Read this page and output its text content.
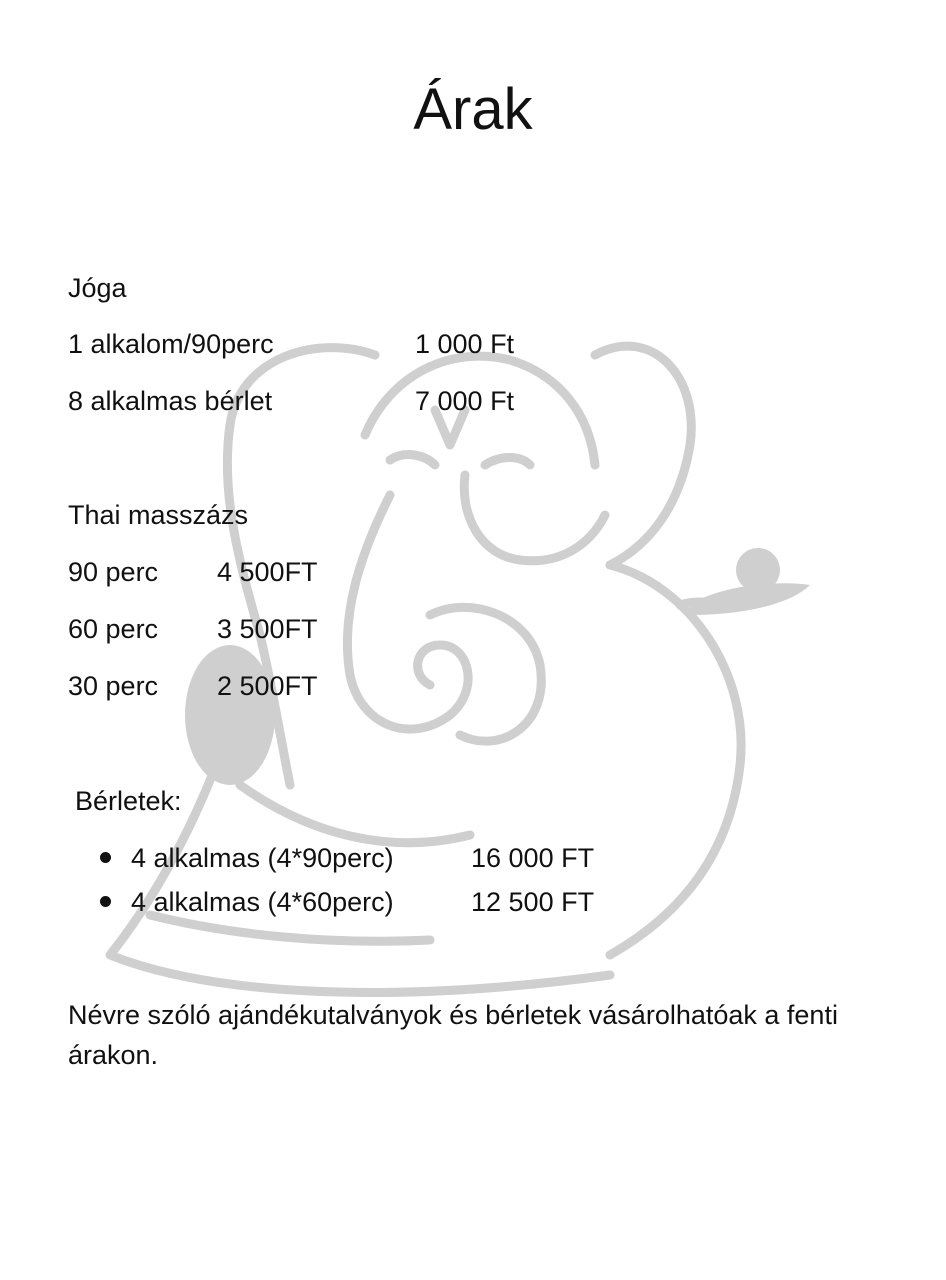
Árak
Jóga
1 alkalom/90perc	1 000 Ft
8 alkalmas bérlet	7 000 Ft
Thai masszázs
90 perc 4 500FT
60 perc 3 500FT
30 perc 2 500FT
Bérletek:
4 alkalmas (4*90perc)	16 000 FT
4 alkalmas (4*60perc)	12 500 FT

Névre szóló ajándékutalványok és bérletek vásárolhatóak a fenti árakon.
